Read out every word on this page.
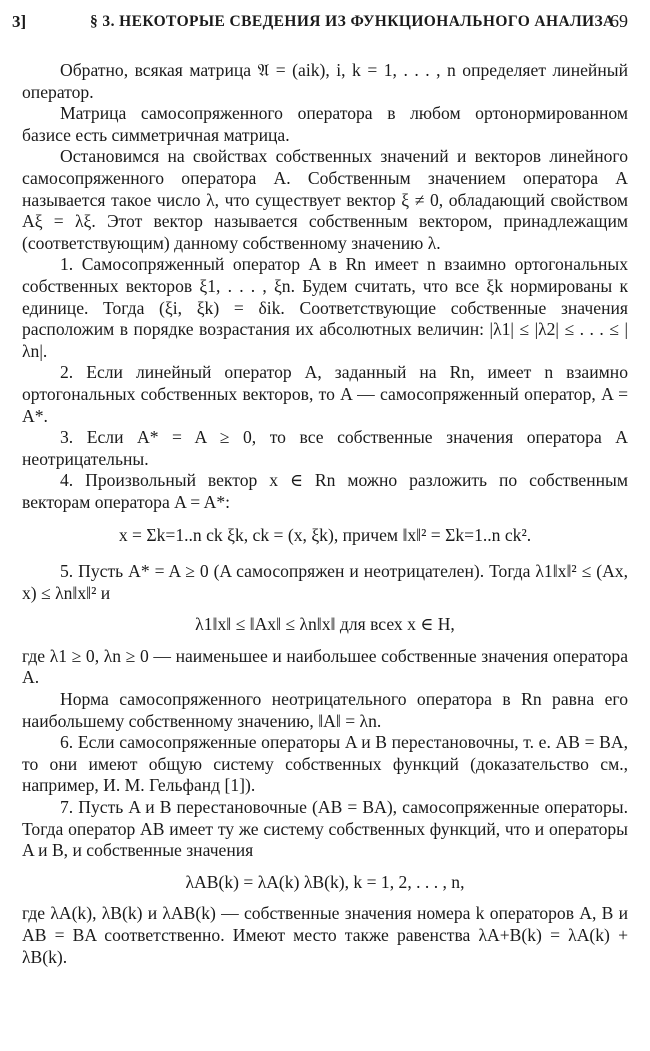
3]	§ 3. НЕКОТОРЫЕ СВЕДЕНИЯ ИЗ ФУНКЦИОНАЛЬНОГО АНАЛИЗА
69

Обратно, всякая матрица 𝔄 = (aik), i, k = 1, . . . , n определяет линейный оператор.

Матрица самосопряженного оператора в любом ортонормированном базисе есть симметричная матрица.

Остановимся на свойствах собственных значений и векторов линейного самосопряженного оператора A. Собственным значением оператора A называется такое число λ, что существует вектор ξ ≠ 0, обладающий свойством Aξ = λξ. Этот вектор называется собственным вектором, принадлежащим (соответствующим) данному собственному значению λ.

1. Самосопряженный оператор A в Rn имеет n взаимно ортогональных собственных векторов ξ1, . . . , ξn. Будем считать, что все ξk нормированы к единице. Тогда (ξi, ξk) = δik. Соответствующие собственные значения расположим в порядке возрастания их абсолютных величин: |λ1| ≤ |λ2| ≤ . . . ≤ |λn|.

2. Если линейный оператор A, заданный на Rn, имеет n взаимно ортогональных собственных векторов, то A — самосопряженный оператор, A = A*.

3. Если A* = A ≥ 0, то все собственные значения оператора A неотрицательны.

4. Произвольный вектор x ∈ Rn можно разложить по собственным векторам оператора A = A*:

x = Σk=1..n ck ξk, ck = (x, ξk), причем ‖x‖² = Σk=1..n ck².

5. Пусть A* = A ≥ 0 (A самосопряжен и неотрицателен). Тогда λ1‖x‖² ≤ (Ax, x) ≤ λn‖x‖² и

λ1‖x‖ ≤ ‖Ax‖ ≤ λn‖x‖ для всех x ∈ H,

где λ1 ≥ 0, λn ≥ 0 — наименьшее и наибольшее собственные значения оператора A.

Норма самосопряженного неотрицательного оператора в Rn равна его наибольшему собственному значению, ‖A‖ = λn.

6. Если самосопряженные операторы A и B перестановочны, т. е. AB = BA, то они имеют общую систему собственных функций (доказательство см., например, И. М. Гельфанд [1]).

7. Пусть A и B перестановочные (AB = BA), самосопряженные операторы. Тогда оператор AB имеет ту же систему собственных функций, что и операторы A и B, и собственные значения

λAB(k) = λA(k) λB(k), k = 1, 2, . . . , n,

где λA(k), λB(k) и λAB(k) — собственные значения номера k операторов A, B и AB = BA соответственно. Имеют место также равенства λA+B(k) = λA(k) + λB(k).
